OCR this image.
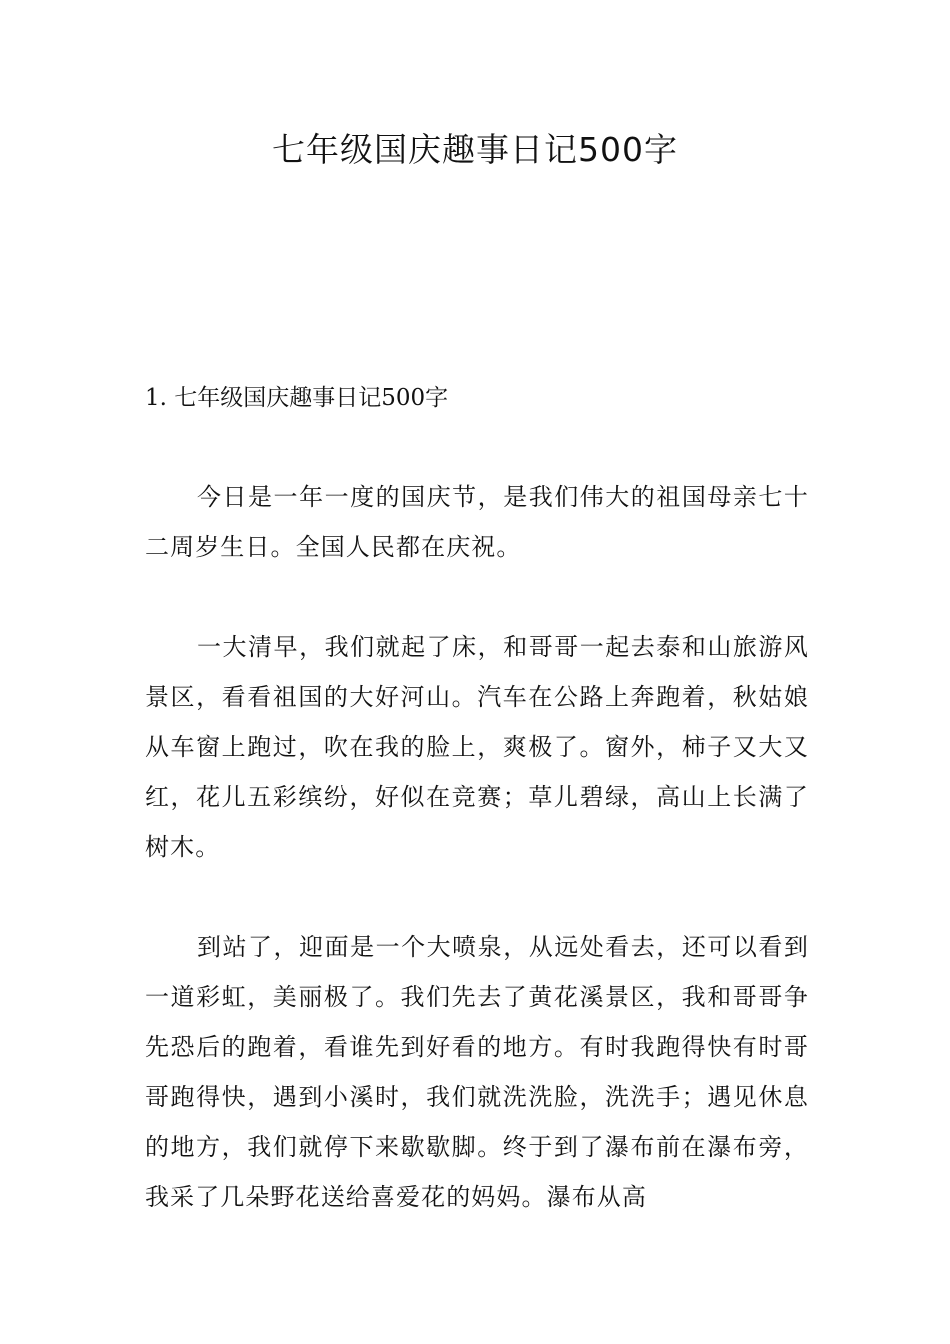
七年级国庆趣事日记500字
1. 七年级国庆趣事日记500字

今日是一年一度的国庆节，是我们伟大的祖国母亲七十二周岁生日。全国人民都在庆祝。

一大清早，我们就起了床，和哥哥一起去泰和山旅游风景区，看看祖国的大好河山。汽车在公路上奔跑着，秋姑娘从车窗上跑过，吹在我的脸上，爽极了。窗外，柿子又大又红，花儿五彩缤纷，好似在竞赛；草儿碧绿，高山上长满了树木。

到站了，迎面是一个大喷泉，从远处看去，还可以看到一道彩虹，美丽极了。我们先去了黄花溪景区，我和哥哥争先恐后的跑着，看谁先到好看的地方。有时我跑得快有时哥哥跑得快，遇到小溪时，我们就洗洗脸，洗洗手；遇见休息的地方，我们就停下来歇歇脚。终于到了瀑布前在瀑布旁，我采了几朵野花送给喜爱花的妈妈。瀑布从高
